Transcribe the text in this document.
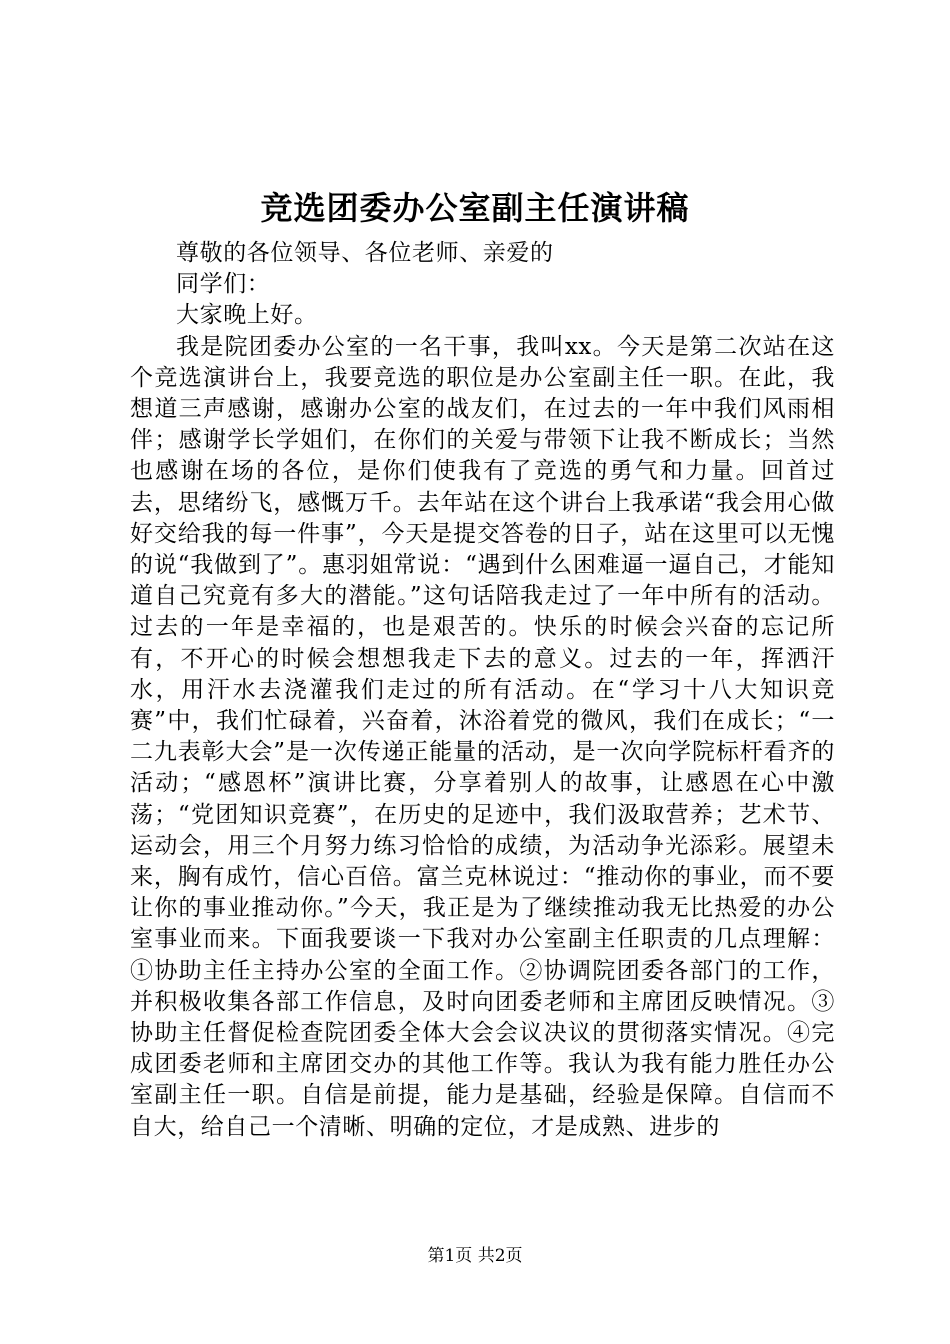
竞选团委办公室副主任演讲稿

尊敬的各位领导、各位老师、亲爱的

同学们：

大家晚上好。

我是院团委办公室的一名干事，我叫xx。今天是第二次站在这个竞选演讲台上，我要竞选的职位是办公室副主任一职。在此，我想道三声感谢，感谢办公室的战友们，在过去的一年中我们风雨相伴；感谢学长学姐们，在你们的关爱与带领下让我不断成长；当然也感谢在场的各位，是你们使我有了竞选的勇气和力量。回首过去，思绪纷飞，感慨万千。去年站在这个讲台上我承诺“我会用心做好交给我的每一件事”，今天是提交答卷的日子，站在这里可以无愧的说“我做到了”。惠羽姐常说：“遇到什么困难逼一逼自己，才能知道自己究竟有多大的潜能。”这句话陪我走过了一年中所有的活动。过去的一年是幸福的，也是艰苦的。快乐的时候会兴奋的忘记所有，不开心的时候会想想我走下去的意义。过去的一年，挥洒汗水，用汗水去浇灌我们走过的所有活动。在“学习十八大知识竞赛”中，我们忙碌着，兴奋着，沐浴着党的微风，我们在成长；“一二九表彰大会”是一次传递正能量的活动，是一次向学院标杆看齐的活动；“感恩杯”演讲比赛，分享着别人的故事，让感恩在心中激荡；“党团知识竞赛”，在历史的足迹中，我们汲取营养；艺术节、运动会，用三个月努力练习恰恰的成绩，为活动争光添彩。展望未来，胸有成竹，信心百倍。富兰克林说过：“推动你的事业，而不要让你的事业推动你。”今天，我正是为了继续推动我无比热爱的办公室事业而来。下面我要谈一下我对办公室副主任职责的几点理解：①协助主任主持办公室的全面工作。②协调院团委各部门的工作，并积极收集各部工作信息，及时向团委老师和主席团反映情况。③协助主任督促检查院团委全体大会会议决议的贯彻落实情况。④完成团委老师和主席团交办的其他工作等。我认为我有能力胜任办公室副主任一职。自信是前提，能力是基础，经验是保障。自信而不自大，给自己一个清晰、明确的定位，才是成熟、进步的

第1页 共2页
